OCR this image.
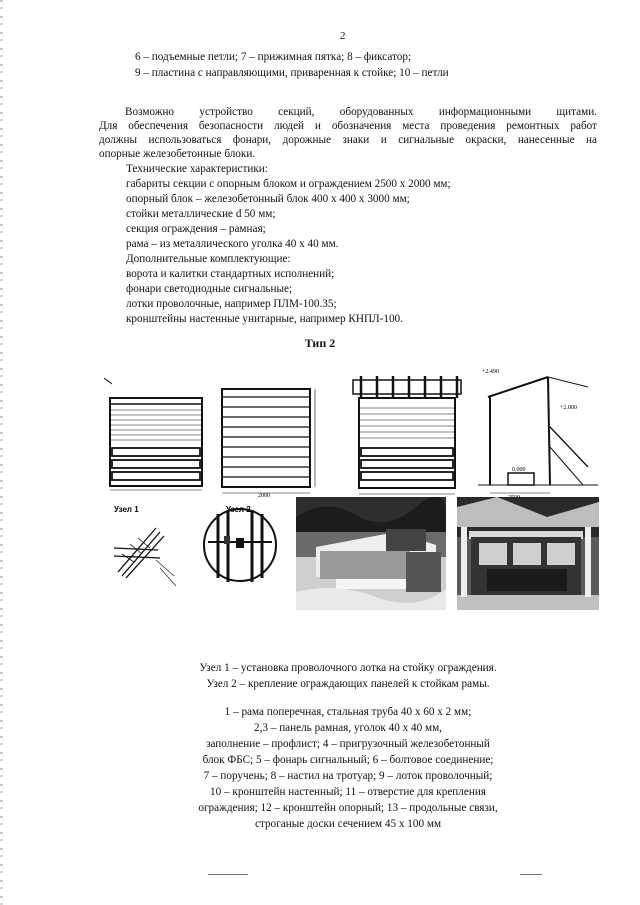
2
6 – подъемные петли; 7 – прижимная пятка; 8 – фиксатор;
9 – пластина с направляющими, приваренная к стойке; 10 – петли
Возможно устройство секций, оборудованных информационными щитами.
Для обеспечения безопасности людей и обозначения места проведения ремонтных работ
должны использоваться фонари, дорожные знаки и сигнальные окраски, нанесенные на
опорные железобетонные блоки.
Технические характеристики:
габариты секции с опорным блоком и ограждением 2500 х 2000 мм;
опорный блок – железобетонный блок 400 х 400 х 3000 мм;
стойки металлические d 50 мм;
секция ограждения – рамная;
рама – из металлического уголка 40 х 40 мм.
Дополнительные комплектующие:
ворота и калитки стандартных исполнений;
фонари светодиодные сигнальные;
лотки проволочные, например ПЛМ-100.35;
кронштейны настенные унитарные, например КНПЛ-100.
Тип 2
2000
+2.490
+2.000
0.000
Узел 1	Узел 2
Узел 1 – установка проволочного лотка на стойку ограждения.
Узел 2 – крепление ограждающих панелей к стойкам рамы.
1 – рама поперечная, стальная труба 40 х 60 х 2 мм;
2,3 – панель рамная, уголок 40 х 40 мм,
заполнение – профлист; 4 – пригрузочный железобетонный
блок ФБС; 5 – фонарь сигнальный; 6 – болтовое соединение;
7 – поручень; 8 – настил на тротуар; 9 – лоток проволочный;
10 – кронштейн настенный; 11 – отверстие для крепления
ограждения; 12 – кронштейн опорный; 13 – продольные связи,
строганые доски сечением 45 х 100 мм
